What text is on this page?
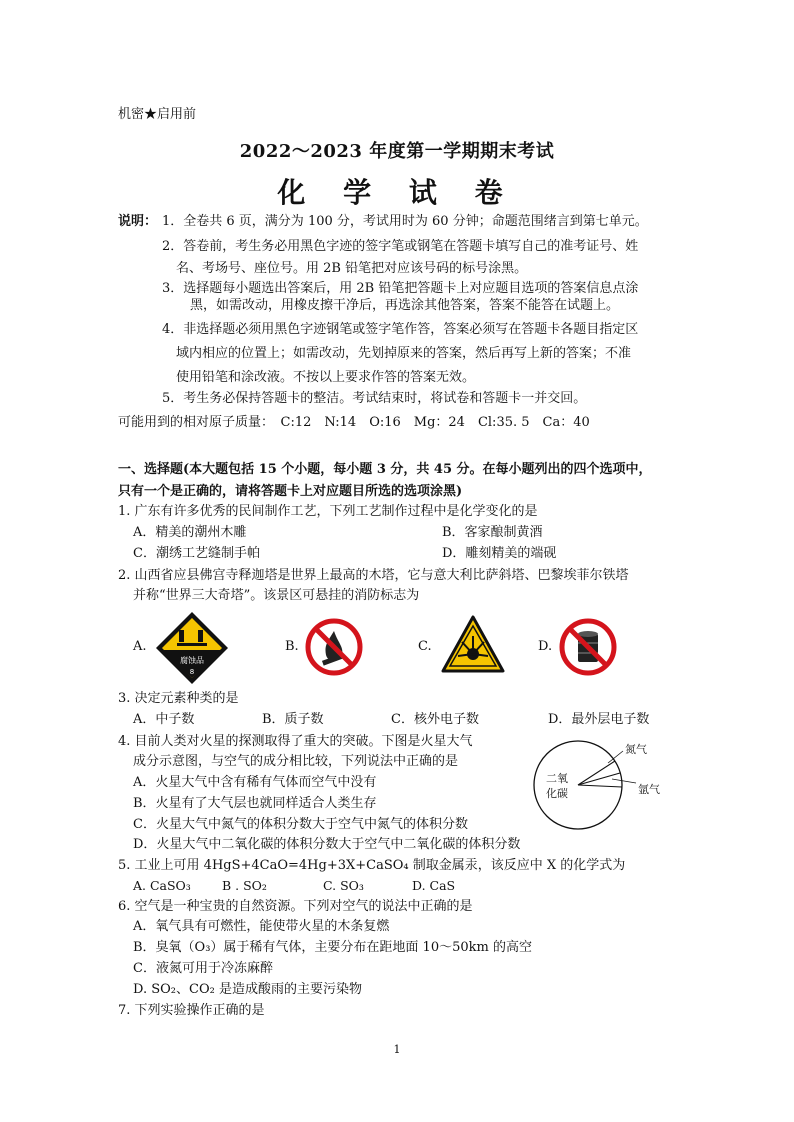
机密★启用前
2022～2023 年度第一学期期末考试
化 学 试 卷
说明： 1．全卷共 6 页，满分为 100 分，考试用时为 60 分钟；命题范围绪言到第七单元。
2．答卷前，考生务必用黑色字迹的签字笔或钢笔在答题卡填写自己的准考证号、姓
名、考场号、座位号。用 2B 铅笔把对应该号码的标号涂黑。
3．选择题每小题选出答案后，用 2B 铅笔把答题卡上对应题目选项的答案信息点涂
黑，如需改动，用橡皮擦干净后，再选涂其他答案，答案不能答在试题上。
4．非选择题必须用黑色字迹钢笔或签字笔作答，答案必须写在答题卡各题目指定区
域内相应的位置上；如需改动，先划掉原来的答案，然后再写上新的答案；不准
使用铅笔和涂改液。不按以上要求作答的答案无效。
5．考生务必保持答题卡的整洁。考试结束时，将试卷和答题卡一并交回。
可能用到的相对原子质量：　C:12　N:14　O:16　Mg：24　Cl:35. 5　Ca：40
一、选择题(本大题包括 15 个小题，每小题 3 分，共 45 分。在每小题列出的四个选项中，
只有一个是正确的，请将答题卡上对应题目所选的选项涂黑)
1. 广东有许多优秀的民间制作工艺，下列工艺制作过程中是化学变化的是
A．精美的潮州木雕	B．客家酿制黄酒
C．潮绣工艺缝制手帕	D．雕刻精美的端砚
2. 山西省应县佛宫寺释迦塔是世界上最高的木塔，它与意大利比萨斜塔、巴黎埃菲尔铁塔
并称“世界三大奇塔”。该景区可悬挂的消防标志为
A.
腐蚀品
8
B.	C.	D.
3. 决定元素种类的是
A．中子数	B．质子数	C．核外电子数	D．最外层电子数
4. 目前人类对火星的探测取得了重大的突破。下图是火星大气
成分示意图，与空气的成分相比较，下列说法中正确的是
A．火星大气中含有稀有气体而空气中没有
B．火星有了大气层也就同样适合人类生存
C．火星大气中氮气的体积分数大于空气中氮气的体积分数
D．火星大气中二氧化碳的体积分数大于空气中二氧化碳的体积分数
二氧
化碳
氮气
氩气
5. 工业上可用 4HgS+4CaO=4Hg+3X+CaSO₄ 制取金属汞，该反应中 X 的化学式为
A. CaSO₃ B . SO₂	C. SO₃	D. CaS
6. 空气是一种宝贵的自然资源。下列对空气的说法中正确的是
A．氧气具有可燃性，能使带火星的木条复燃
B．臭氧（O₃）属于稀有气体，主要分布在距地面 10～50km 的高空
C．液氮可用于冷冻麻醉
D. SO₂、CO₂ 是造成酸雨的主要污染物
7. 下列实验操作正确的是
1
